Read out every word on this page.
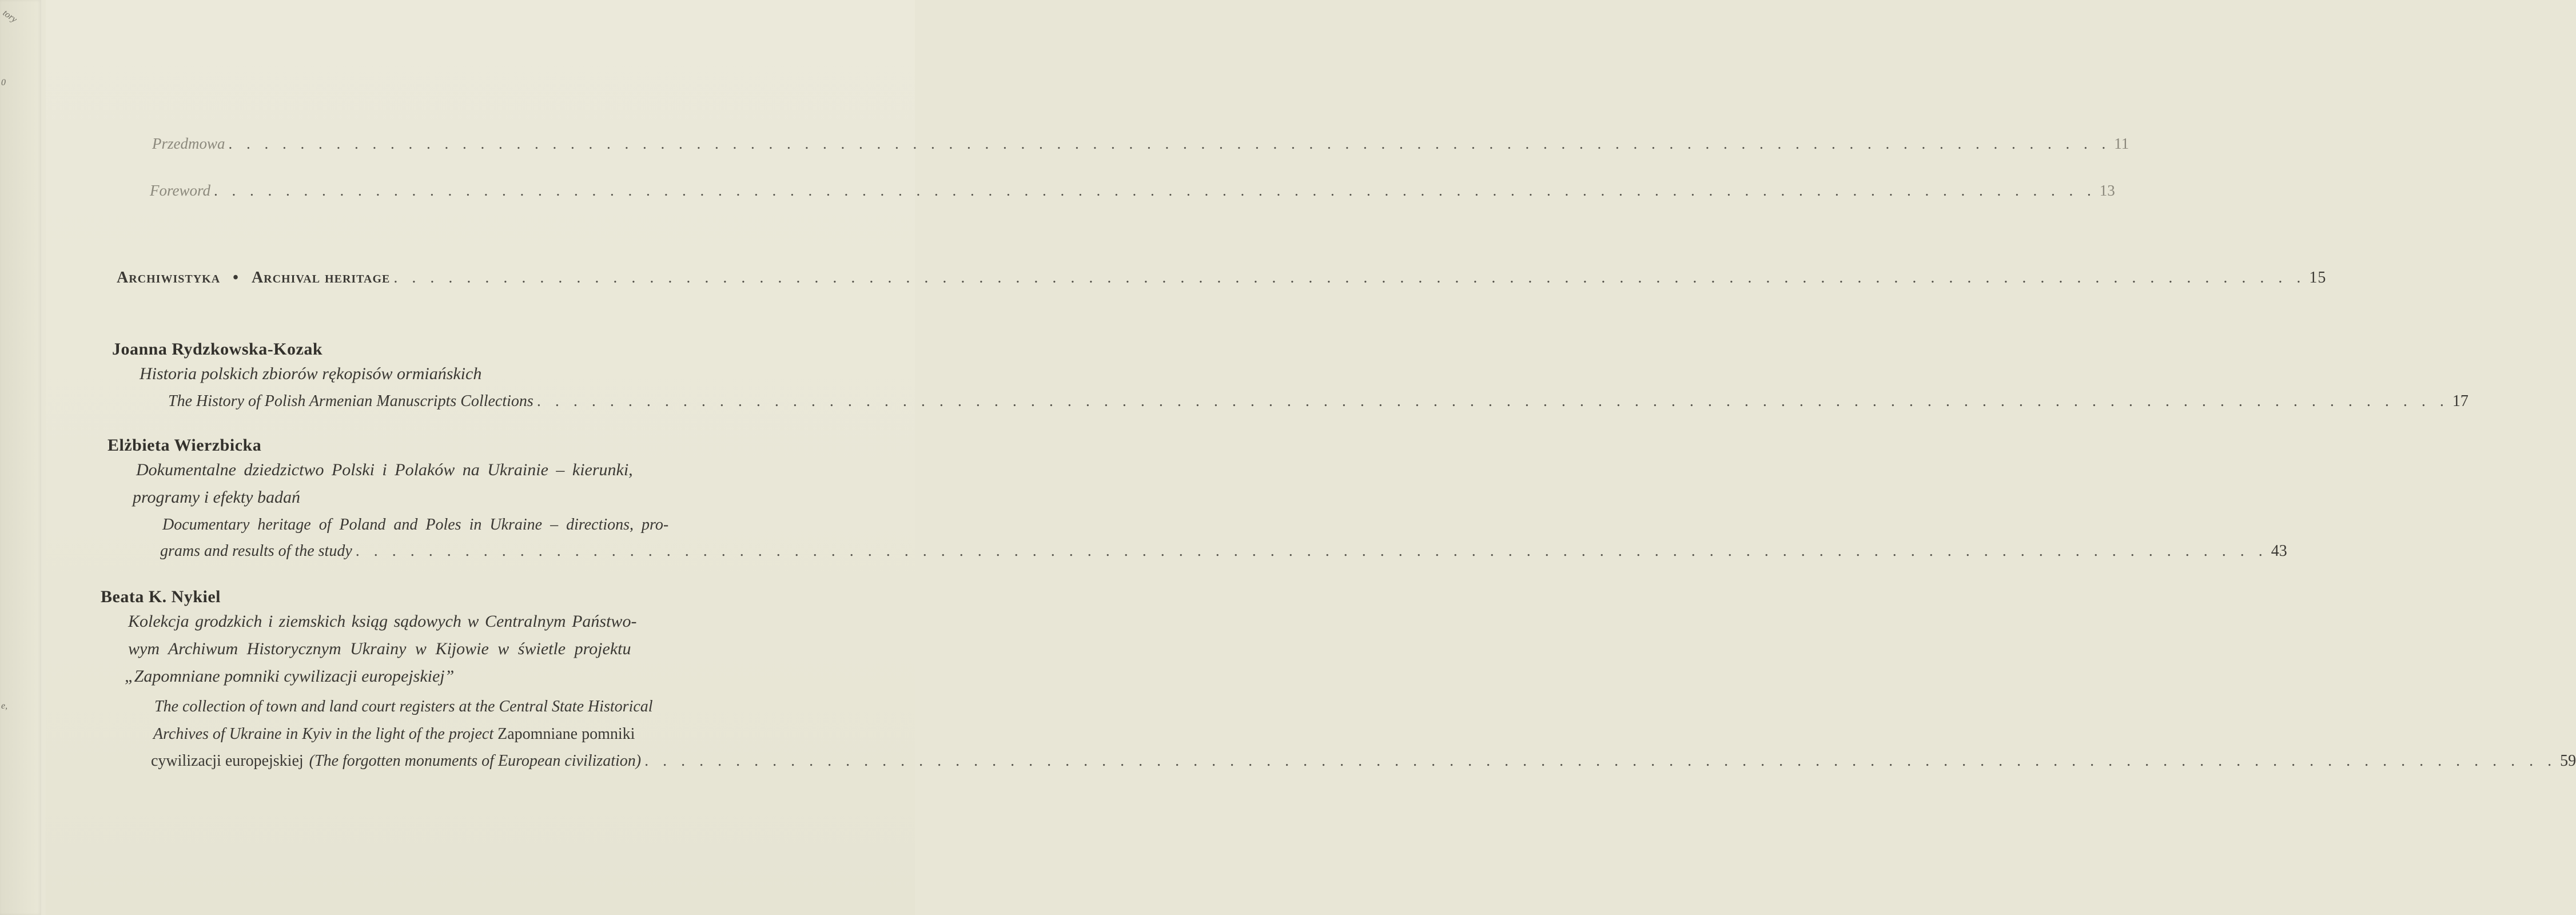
tory
0
e,
Przedmowa . . . . . . . . . . . . . . . . . . . . . . . . . . . . . . . . . . . . . . . . . . . . . . . . . . . . . . . . . . . . . . . . . . . . . . . . . . . . . . . . . . . . . . . . . . . . . . . . . . . . . . . . . 11
Foreword . . . . . . . . . . . . . . . . . . . . . . . . . . . . . . . . . . . . . . . . . . . . . . . . . . . . . . . . . . . . . . . . . . . . . . . . . . . . . . . . . . . . . . . . . . . . . . . . . . . . . . . . . 13
Archiwistyka • Archival heritage . . . . . . . . . . . . . . . . . . . . . . . . . . . . . . . . . . . . . . . . . . . . . . . . . . . . . . . . . . . . . . . . . . . . . . . . . . . . . . . . . . . . . . . . . . . . . . . . . . . . . . . . . 15
Joanna Rydzkowska-Kozak
Historia polskich zbiorów rękopisów ormiańskich
The History of Polish Armenian Manuscripts Collections . . . . . . . . . . . . . . . . . . . . . . . . . . . . . . . . . . . . . . . . . . . . . . . . . . . . . . . . . . . . . . . . . . . . . . . . . . . . . . . . . . . . . . . . . . . . . . . . . . . . . . . . . 17
Elżbieta Wierzbicka
Dokumentalne dziedzictwo Polski i Polaków na Ukrainie – kierunki,
programy i efekty badań
Documentary heritage of Poland and Poles in Ukraine – directions, pro-
grams and results of the study . . . . . . . . . . . . . . . . . . . . . . . . . . . . . . . . . . . . . . . . . . . . . . . . . . . . . . . . . . . . . . . . . . . . . . . . . . . . . . . . . . . . . . . . . . . . . . . . . . . . . . . . . 43
Beata K. Nykiel
Kolekcja grodzkich i ziemskich ksiąg sądowych w Centralnym Państwo-
wym Archiwum Historycznym Ukrainy w Kijowie w świetle projektu
„Zapomniane pomniki cywilizacji europejskiej”
The collection of town and land court registers at the Central State Historical
Archives of Ukraine in Kyiv in the light of the project Zapomniane pomniki
cywilizacji europejskiej (The forgotten monuments of European civilization) . . . . . . . . . . . . . . . . . . . . . . . . . . . . . . . . . . . . . . . . . . . . . . . . . . . . . . . . . . . . . . . . . . . . . . . . . . . . . . . . . . . . . . . . . . . . . . . . . . . . . . . . . 59
